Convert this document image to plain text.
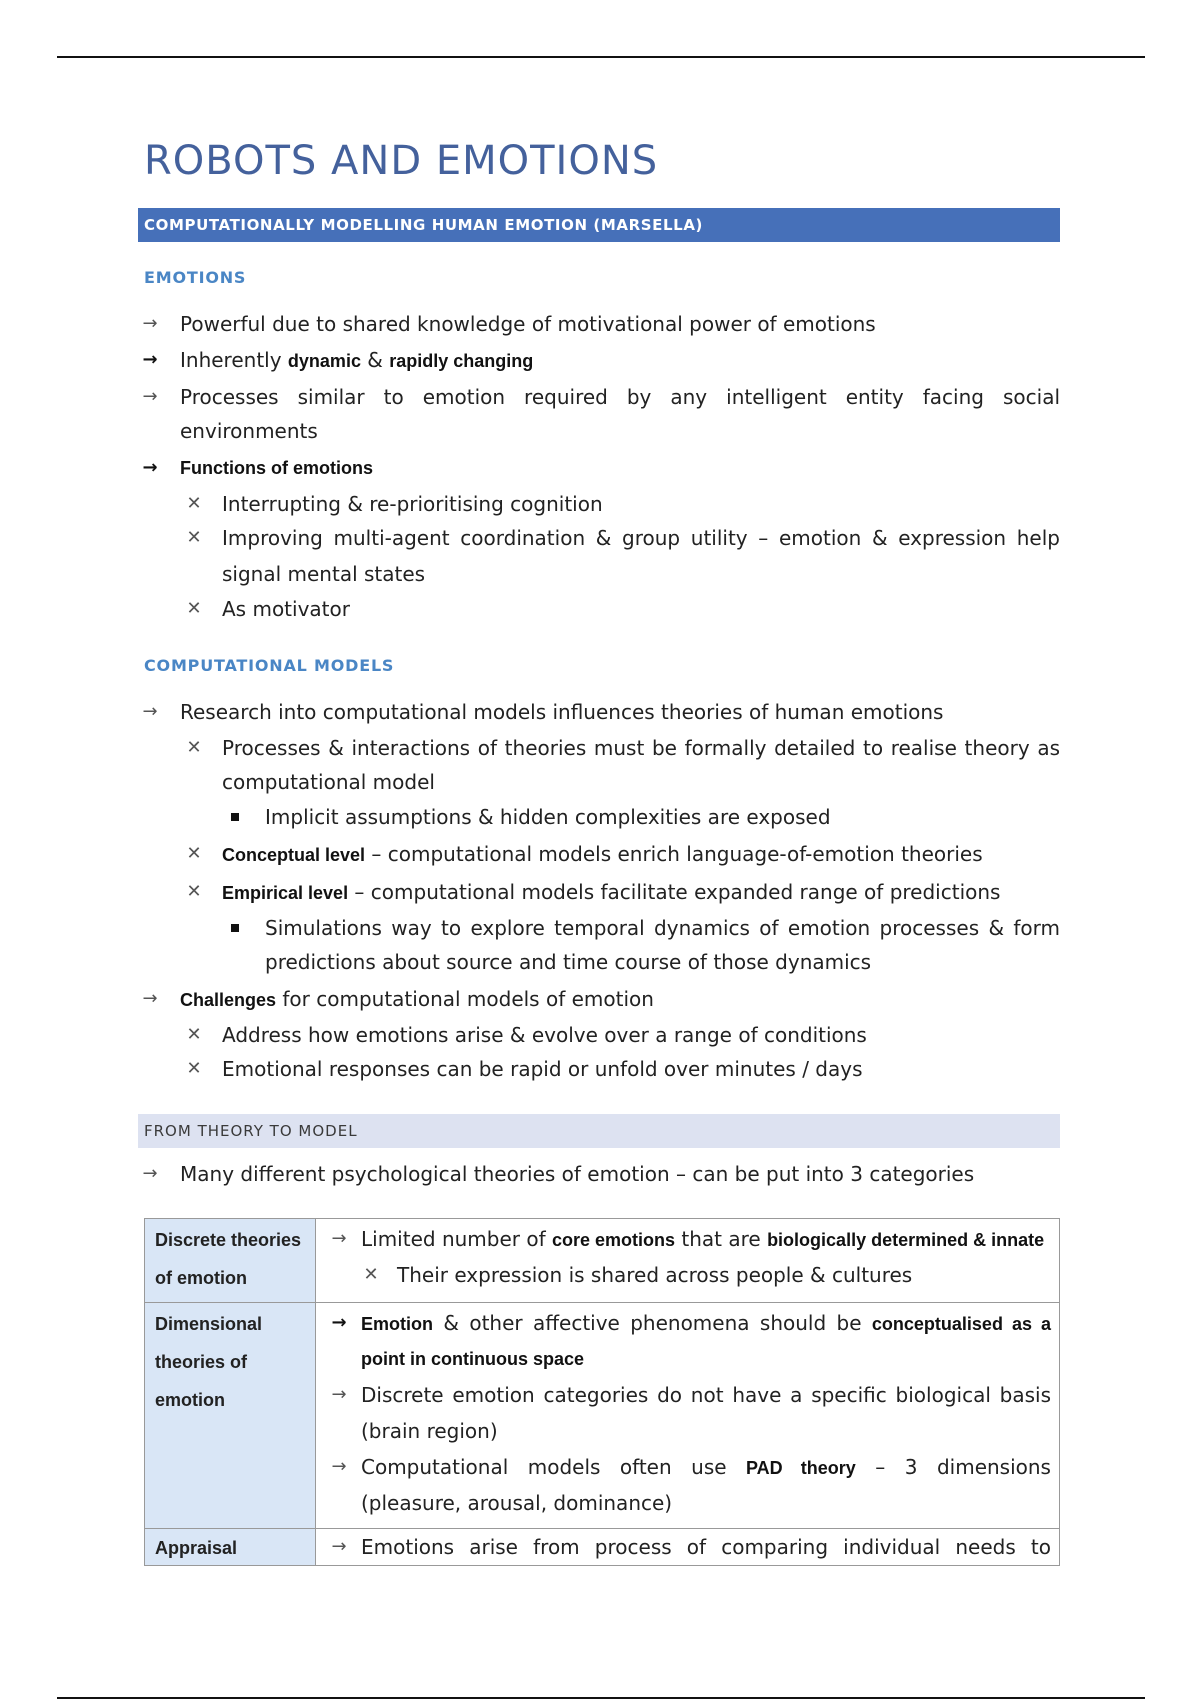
ROBOTS AND EMOTIONS
COMPUTATIONALLY MODELLING HUMAN EMOTION (MARSELLA)
EMOTIONS
→ Powerful due to shared knowledge of motivational power of emotions
→ Inherently dynamic & rapidly changing
→ Processes similar to emotion required by any intelligent entity facing social
environments
→ Functions of emotions
✕ Interrupting & re-prioritising cognition
✕ Improving multi-agent coordination & group utility – emotion & expression help
signal mental states
✕ As motivator
COMPUTATIONAL MODELS
→ Research into computational models influences theories of human emotions
✕ Processes & interactions of theories must be formally detailed to realise theory as
computational model
Implicit assumptions & hidden complexities are exposed
✕ Conceptual level – computational models enrich language-of-emotion theories
✕ Empirical level – computational models facilitate expanded range of predictions
Simulations way to explore temporal dynamics of emotion processes & form
predictions about source and time course of those dynamics
→ Challenges for computational models of emotion
✕ Address how emotions arise & evolve over a range of conditions
✕ Emotional responses can be rapid or unfold over minutes / days
FROM THEORY TO MODEL
→ Many different psychological theories of emotion – can be put into 3 categories
Discrete theories
of emotion
→ Limited number of core emotions that are biologically determined & innate
✕ Their expression is shared across people & cultures
Dimensional
theories of
emotion
→ Emotion & other affective phenomena should be conceptualised as a
point in continuous space
→ Discrete emotion categories do not have a specific biological basis
(brain region)
→ Computational models often use PAD theory – 3 dimensions
(pleasure, arousal, dominance)
Appraisal	→ Emotions arise from process of comparing individual needs to
